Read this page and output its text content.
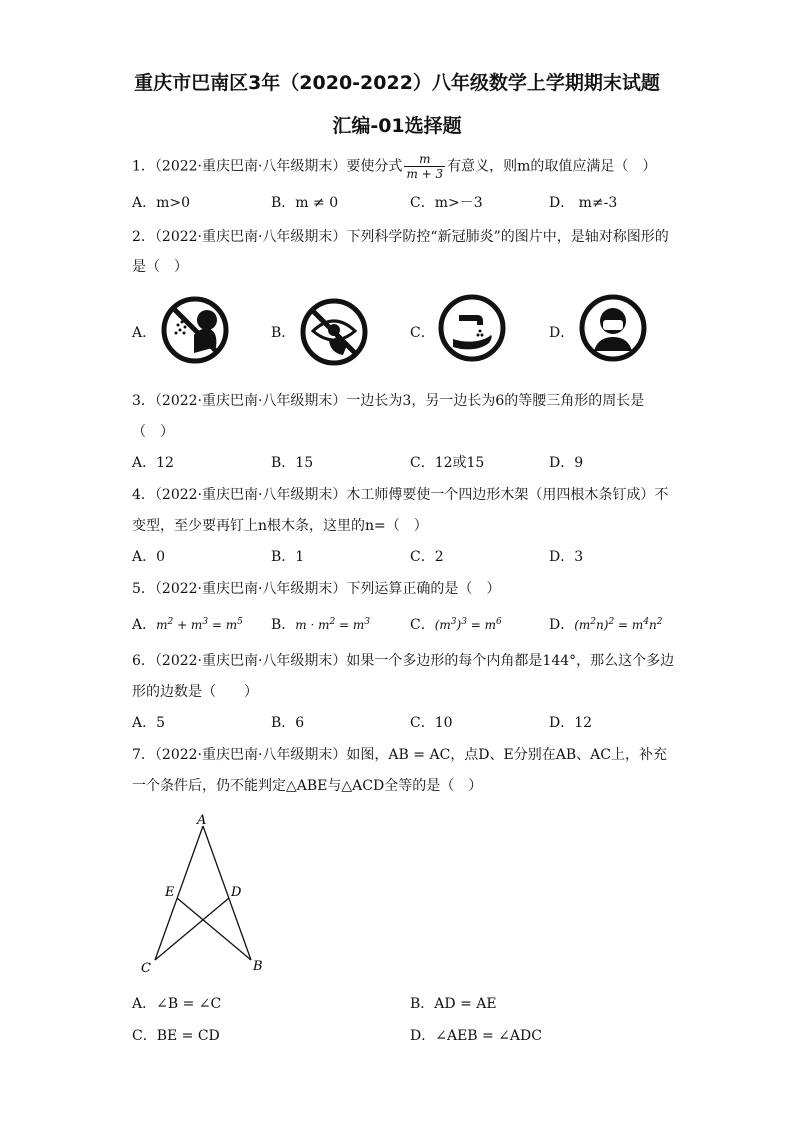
重庆市巴南区3年（2020-2022）八年级数学上学期期末试题
汇编-01选择题
1．（2022·重庆巴南·八年级期末）要使分式 $\frac{m}{m + 3}$ 有意义，则m的取值应满足（　）
A．m>0	B．m ≠ 0	C．m>－3	D． m≠-3
2．（2022·重庆巴南·八年级期末）下列科学防控“新冠肺炎”的图片中，是轴对称图形的
是（　）
A．	B．	C．	D．
3．（2022·重庆巴南·八年级期末）一边长为3，另一边长为6的等腰三角形的周长是
（　）
A．12	B．15	C．12或15	D．9
4．（2022·重庆巴南·八年级期末）木工师傅要使一个四边形木架（用四根木条钉成）不
变型，至少要再钉上n根木条，这里的n=（　）
A．0	B．1	C．2	D．3
5．（2022·重庆巴南·八年级期末）下列运算正确的是（　）
A．$m^2 + m^3 = m^5$ B．$m \cdot m^2 = m^3$	C．$(m^3)^3 = m^6$	D．$(m^2n)^2 = m^4n^2$
6．（2022·重庆巴南·八年级期末）如果一个多边形的每个内角都是144°，那么这个多边
形的边数是（　　）
A．5	B．6	C．10	D．12
7．（2022·重庆巴南·八年级期末）如图，AB = AC，点D、E分别在AB、AC上，补充
一个条件后，仍不能判定△ABE与△ACD全等的是（　）
A
E	D
C	B
A．∠B = ∠C	B．AD = AE
C．BE = CD	D．∠AEB = ∠ADC
